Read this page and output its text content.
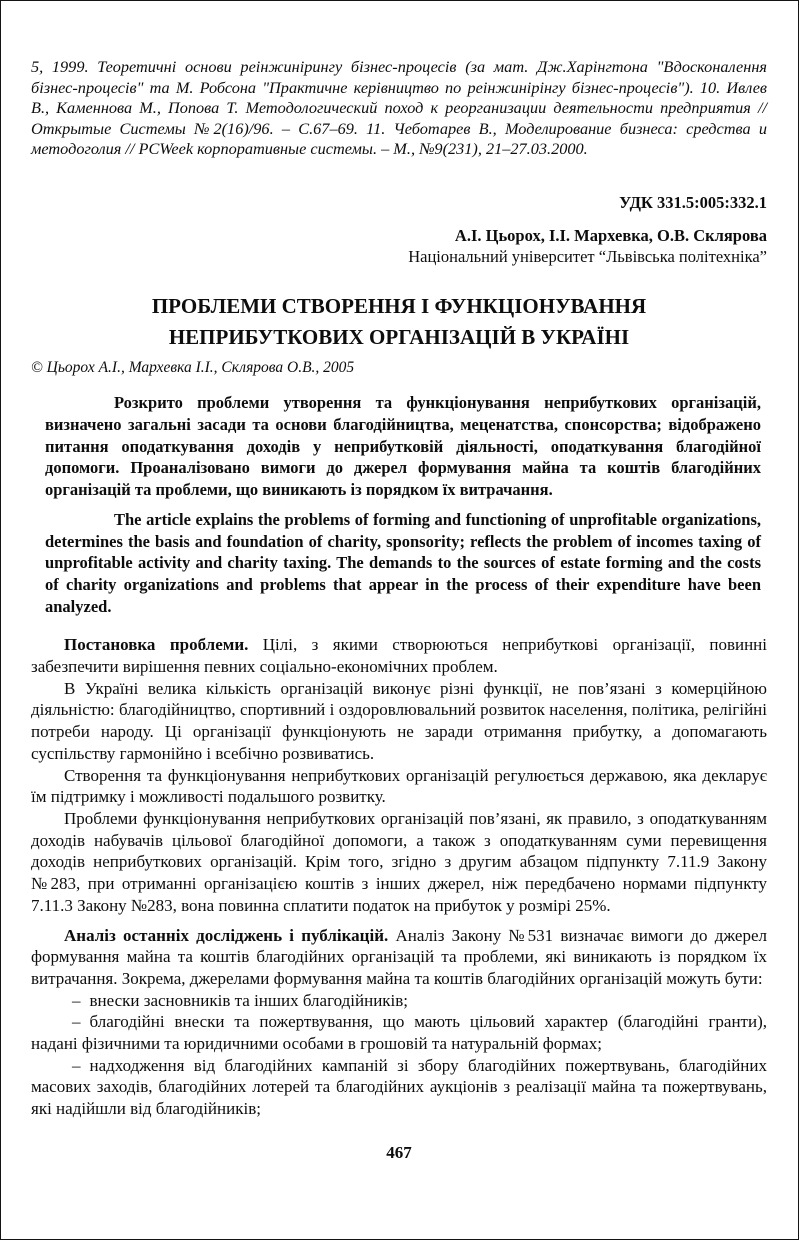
5, 1999. Теоретичні основи реінжинірингу бізнес-процесів (за мат. Дж.Харінгтона "Вдосконалення бізнес-процесів" та М. Робсона "Практичне керівництво по реінжинірінгу бізнес-процесів"). 10. Ивлев В., Каменнова М., Попова Т. Методологический поход к реорганизации деятельности предприятия // Открытые Системы №2(16)/96. – С.67–69. 11. Чеботарев В., Моделирование бизнеса: средства и методоголия // PCWeek корпоративные системы. – М., №9(231), 21–27.03.2000.

УДК 331.5:005:332.1
А.І. Цьорох, І.І. Мархевка, О.В. Склярова
Національний університет “Львівська політехніка”
ПРОБЛЕМИ СТВОРЕННЯ І ФУНКЦІОНУВАННЯ
НЕПРИБУТКОВИХ ОРГАНІЗАЦІЙ В УКРАЇНІ
© Цьорох А.І., Мархевка І.І., Склярова О.В., 2005

Розкрито проблеми утворення та функціонування неприбуткових організацій, визначено загальні засади та основи благодійництва, меценатства, спонсорства; відображено питання оподаткування доходів у неприбутковій діяльності, оподаткування благодійної допомоги. Проаналізовано вимоги до джерел формування майна та коштів благодійних організацій та проблеми, що виникають із порядком їх витрачання.

The article explains the problems of forming and functioning of unprofitable organizations, determines the basis and foundation of charity, sponsority; reflects the problem of incomes taxing of unprofitable activity and charity taxing. The demands to the sources of estate forming and the costs of charity organizations and problems that appear in the process of their expenditure have been analyzed.

Постановка проблеми. Цілі, з якими створюються неприбуткові організації, повинні забезпечити вирішення певних соціально-економічних проблем.

В Україні велика кількість організацій виконує різні функції, не пов’язані з комерційною діяльністю: благодійництво, спортивний і оздоровлювальний розвиток населення, політика, релігійні потреби народу. Ці організації функціонують не заради отримання прибутку, а допомагають суспільству гармонійно і всебічно розвиватись.

Створення та функціонування неприбуткових організацій регулюється державою, яка декларує їм підтримку і можливості подальшого розвитку.

Проблеми функціонування неприбуткових організацій пов’язані, як правило, з оподаткуванням доходів набувачів цільової благодійної допомоги, а також з оподаткуванням суми перевищення доходів неприбуткових організацій. Крім того, згідно з другим абзацом підпункту 7.11.9 Закону №283, при отриманні організацією коштів з інших джерел, ніж передбачено нормами підпункту 7.11.3 Закону №283, вона повинна сплатити податок на прибуток у розмірі 25%.

Аналіз останніх досліджень і публікацій. Аналіз Закону №531 визначає вимоги до джерел формування майна та коштів благодійних організацій та проблеми, які виникають із порядком їх витрачання. Зокрема, джерелами формування майна та коштів благодійних організацій можуть бути:

– внески засновників та інших благодійників;

– благодійні внески та пожертвування, що мають цільовий характер (благодійні гранти), надані фізичними та юридичними особами в грошовій та натуральній формах;

– надходження від благодійних кампаній зі збору благодійних пожертвувань, благодійних масових заходів, благодійних лотерей та благодійних аукціонів з реалізації майна та пожертвувань, які надійшли від благодійників;

467
